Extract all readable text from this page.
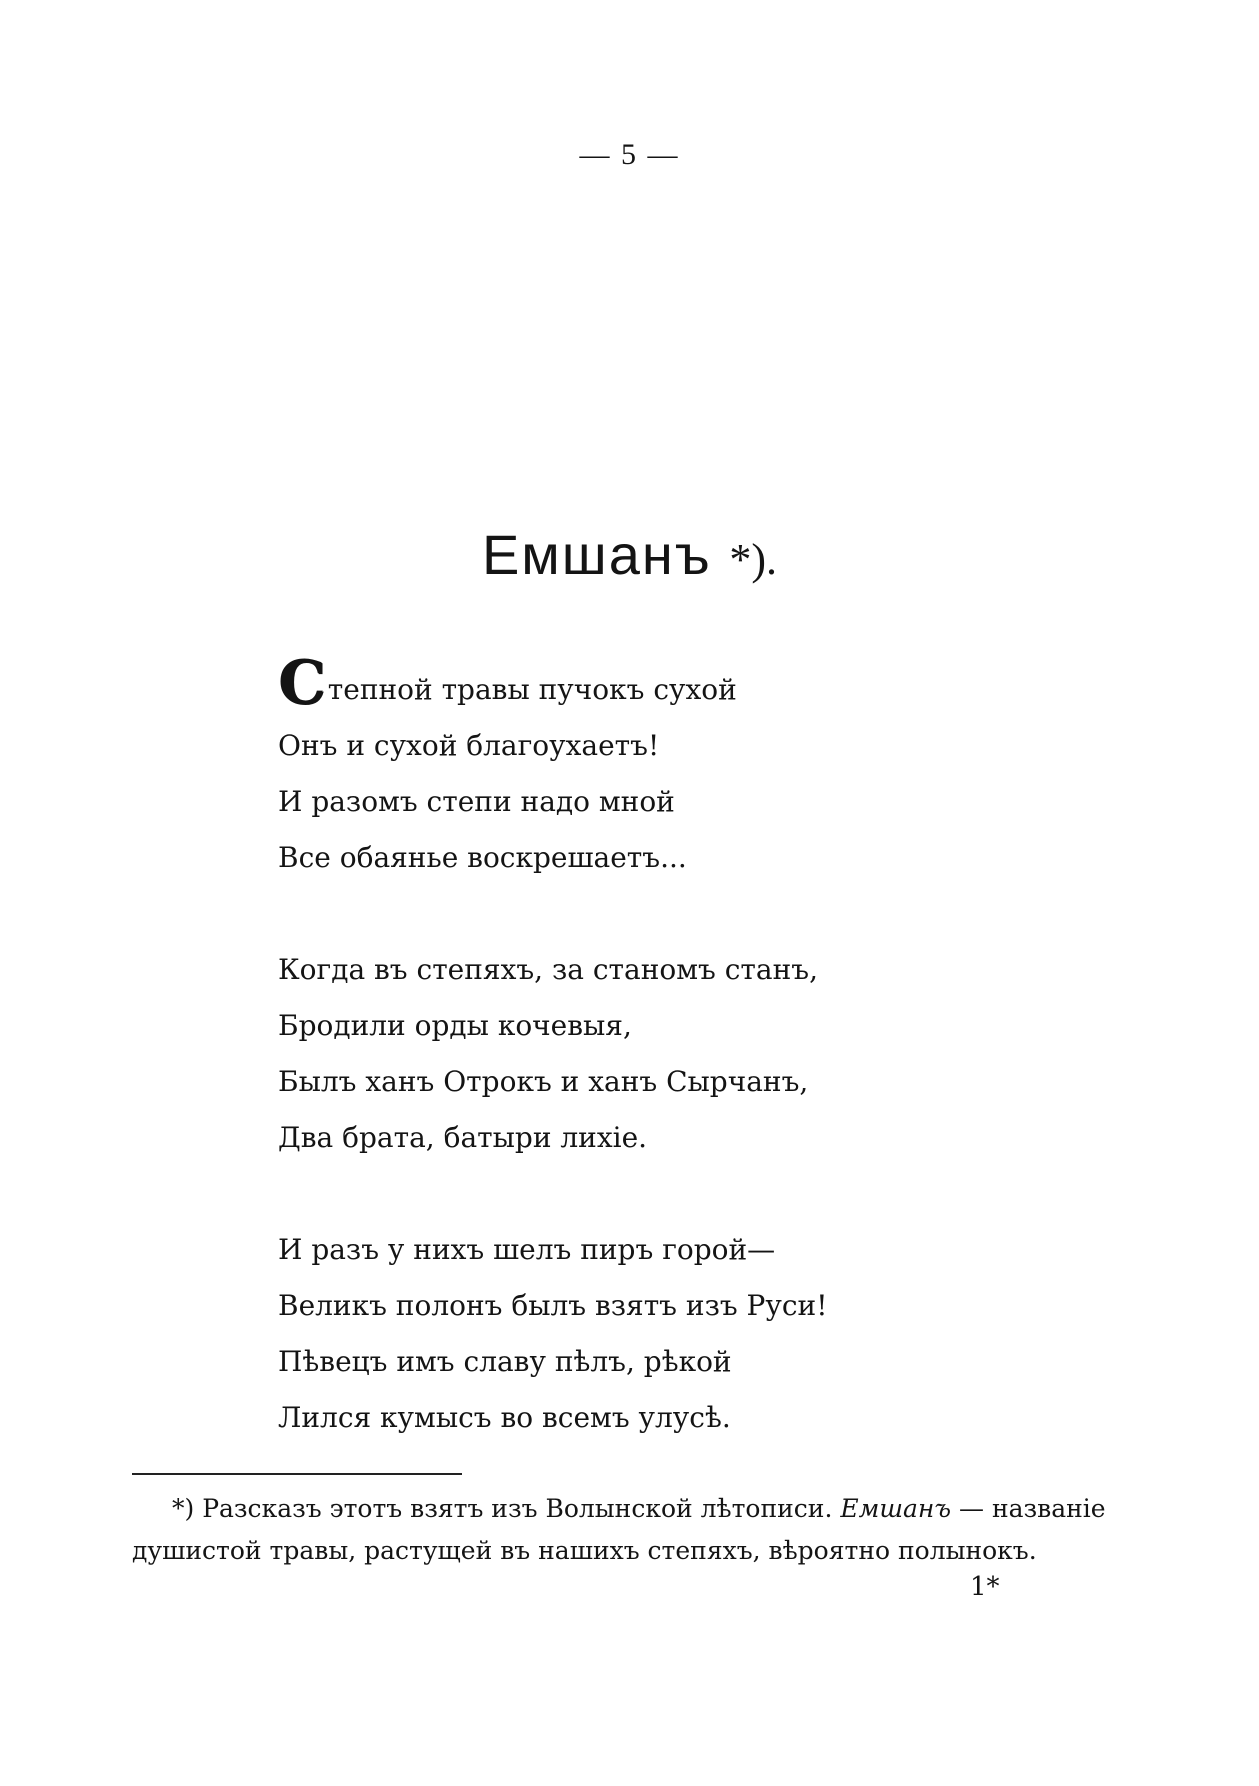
— 5 —
Емшанъ *).
Степной травы пучокъ сухой
Онъ и сухой благоухаетъ!
И разомъ степи надо мной
Все обаянье воскрешаетъ...
Когда въ степяхъ, за станомъ станъ,
Бродили орды кочевыя,
Былъ ханъ Отрокъ и ханъ Сырчанъ,
Два брата, батыри лихіе.
И разъ у нихъ шелъ пиръ горой—
Великъ полонъ былъ взятъ изъ Руси!
Пѣвецъ имъ славу пѣлъ, рѣкой
Лился кумысъ во всемъ улусѣ.
*) Разсказъ этотъ взятъ изъ Волынской лѣтописи. Емшанъ — названіе душистой травы, растущей въ нашихъ степяхъ, вѣроятно полынокъ.
1*
